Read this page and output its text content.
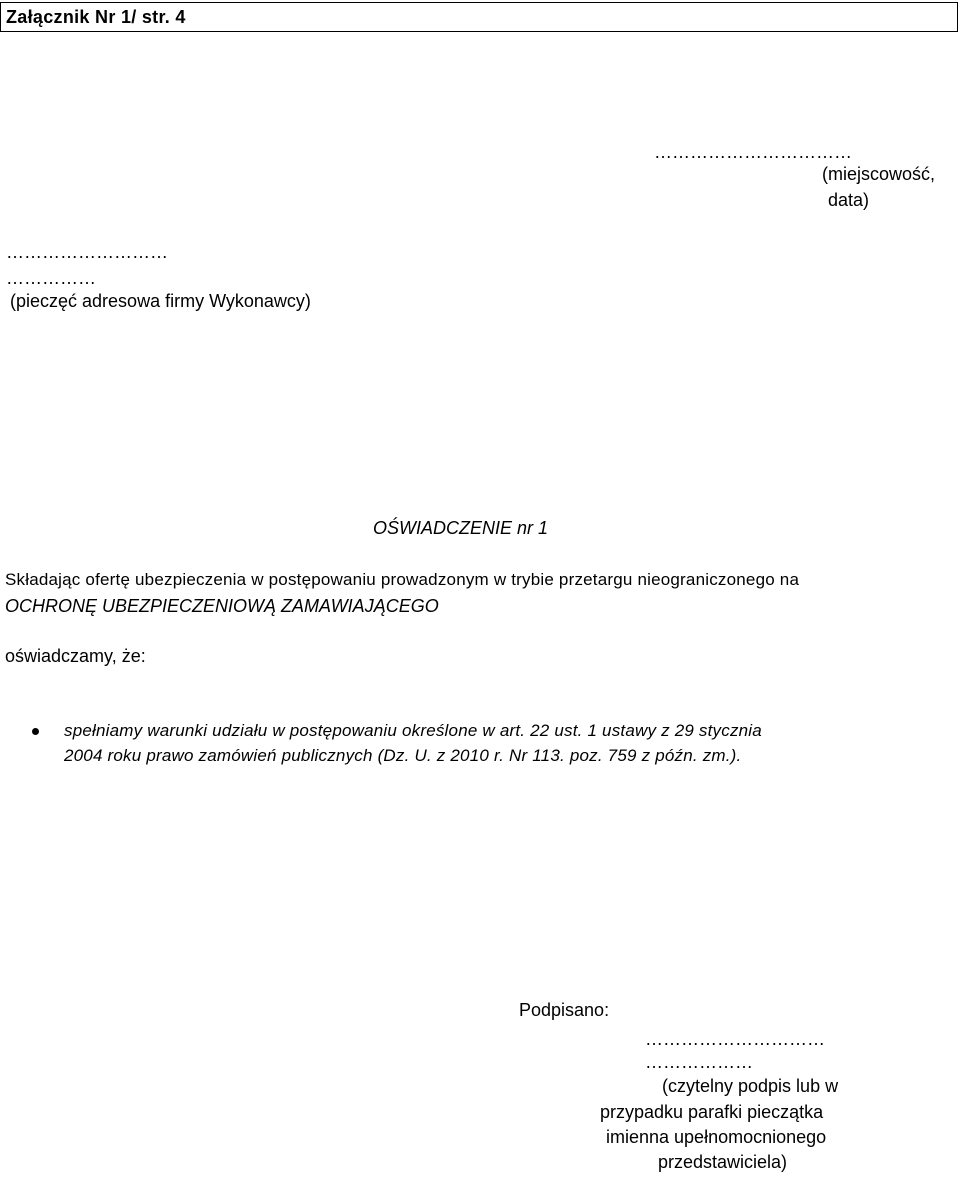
Załącznik Nr 1/ str. 4
……………………………
(miejscowość,
data)
………………………
……………
(pieczęć adresowa firmy Wykonawcy)
OŚWIADCZENIE nr 1
Składając ofertę ubezpieczenia w postępowaniu prowadzonym w trybie przetargu nieograniczonego na
OCHRONĘ UBEZPIECZENIOWĄ ZAMAWIAJĄCEGO
oświadczamy, że:
spełniamy warunki udziału w postępowaniu określone w art. 22 ust. 1 ustawy z 29 stycznia
2004 roku prawo zamówień publicznych (Dz. U. z 2010 r. Nr 113. poz. 759 z późn. zm.).
Podpisano:
…………………………
………………
(czytelny podpis lub w
przypadku parafki pieczątka
imienna upełnomocnionego
przedstawiciela)
